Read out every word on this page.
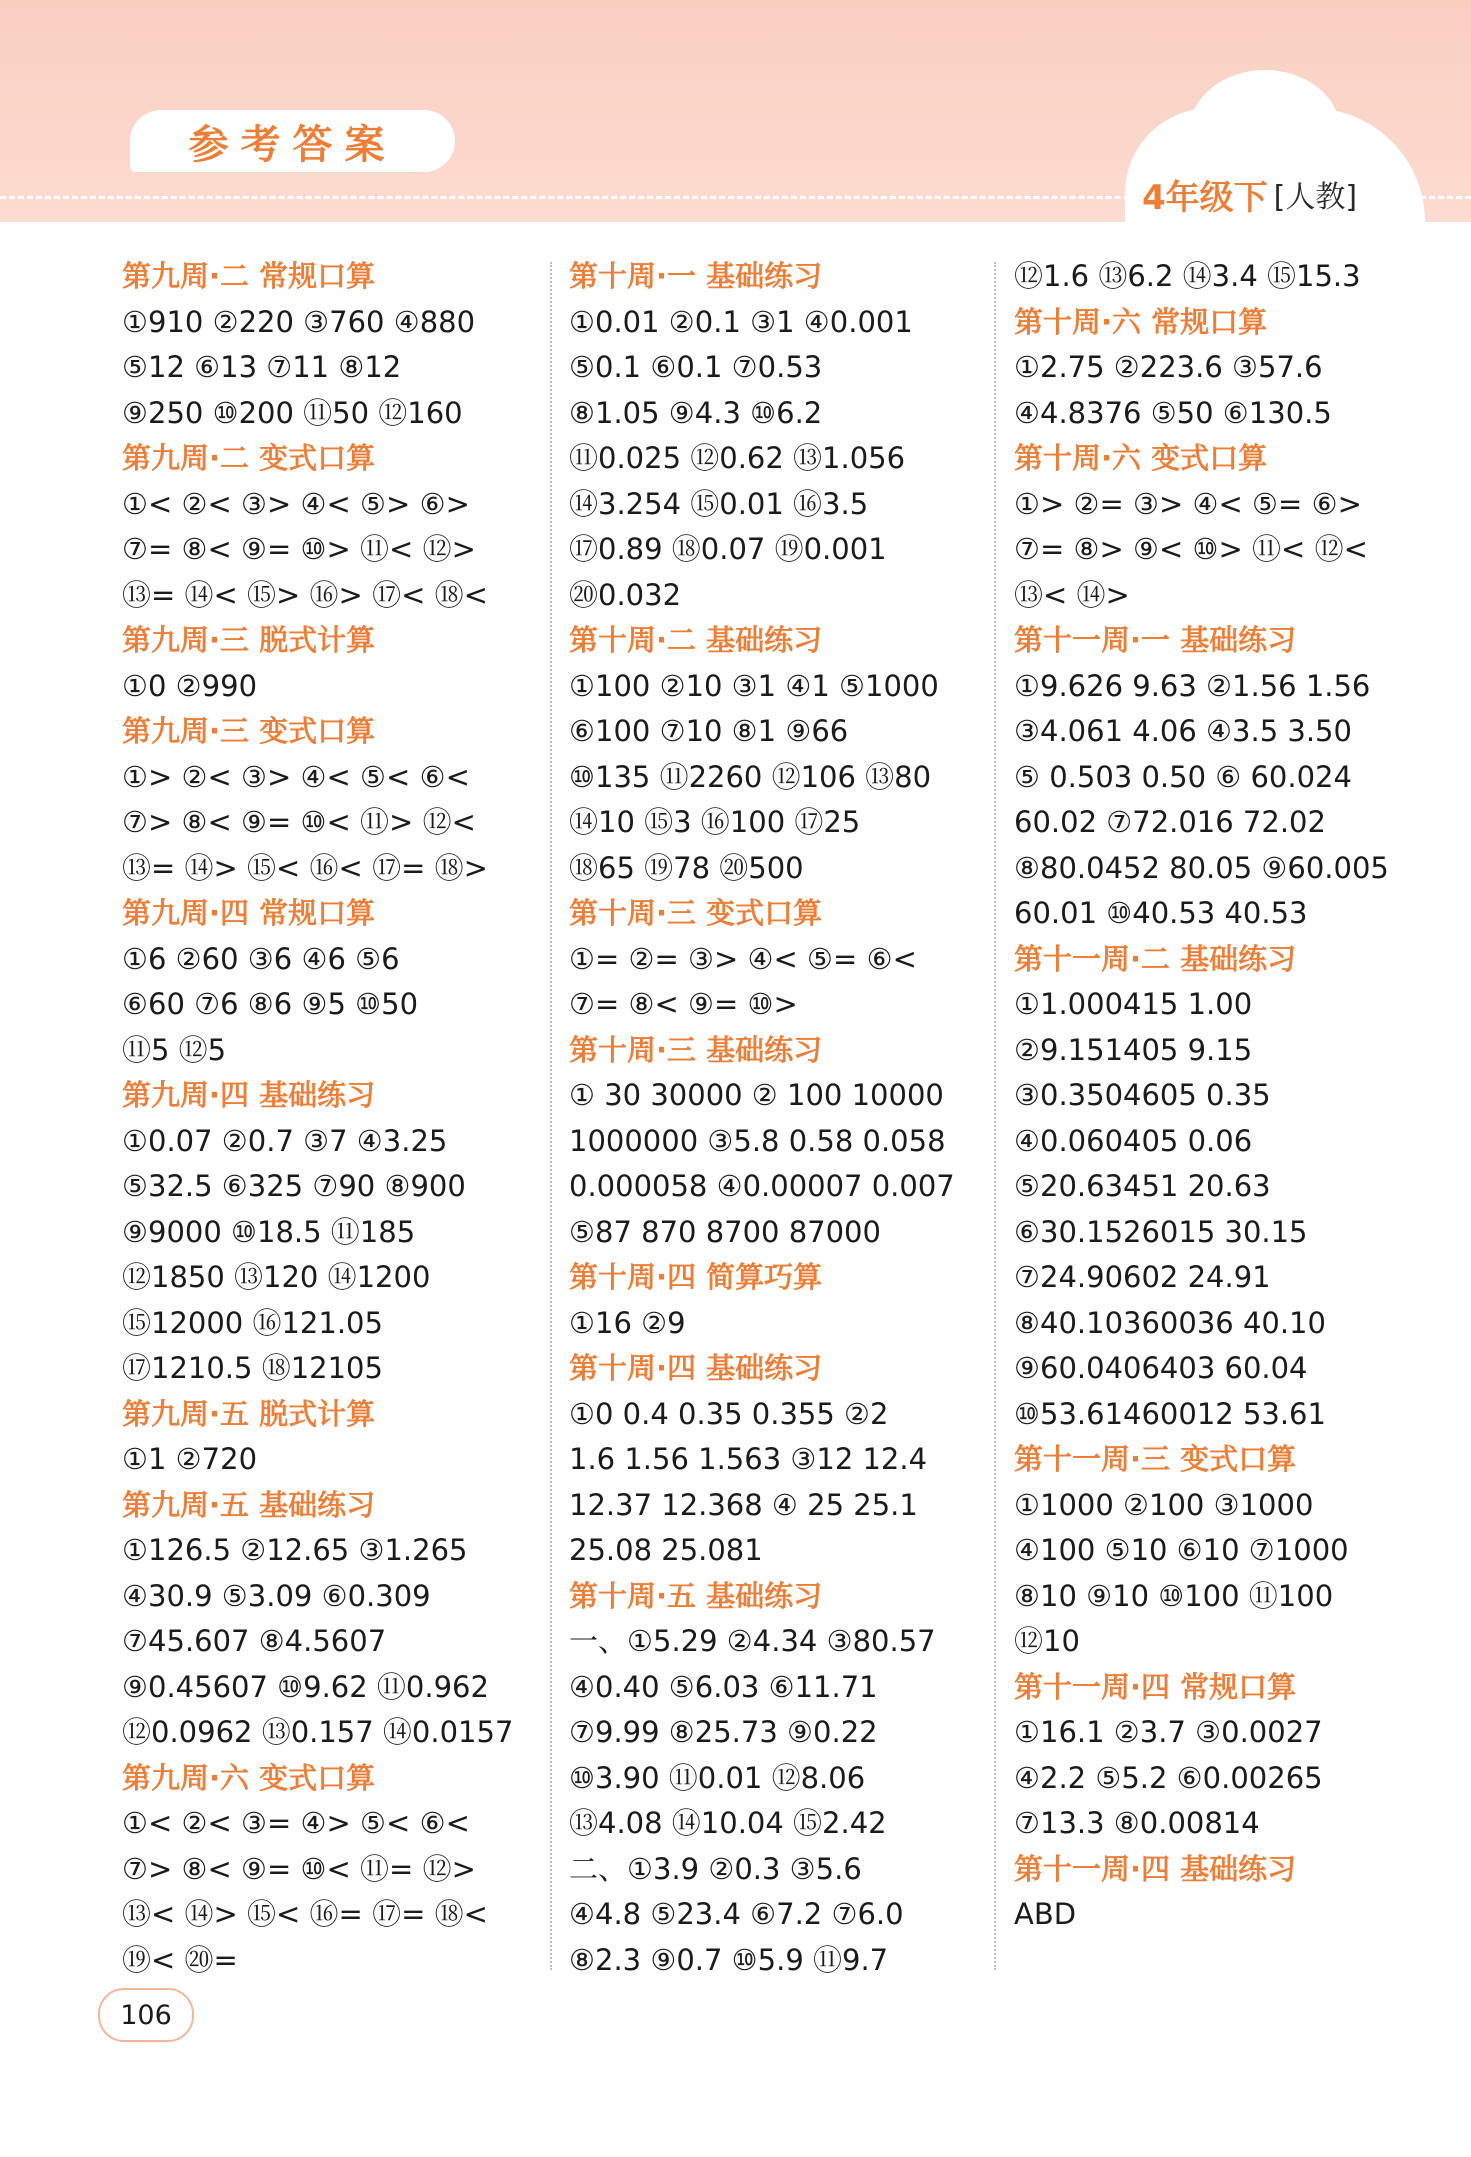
参考答案
4年级下 [人教]
第九周·二 常规口算
①910 ②220 ③760 ④880
⑤12 ⑥13 ⑦11 ⑧12
⑨250 ⑩200 ⑪50 ⑫160
第九周·二 变式口算
①< ②< ③> ④< ⑤> ⑥>
⑦= ⑧< ⑨= ⑩> ⑪< ⑫>
⑬= ⑭< ⑮> ⑯> ⑰< ⑱<
第九周·三 脱式计算
①0 ②990
第九周·三 变式口算
①> ②< ③> ④< ⑤< ⑥<
⑦> ⑧< ⑨= ⑩< ⑪> ⑫<
⑬= ⑭> ⑮< ⑯< ⑰= ⑱>
第九周·四 常规口算
①6 ②60 ③6 ④6 ⑤6
⑥60 ⑦6 ⑧6 ⑨5 ⑩50
⑪5 ⑫5
第九周·四 基础练习
①0.07 ②0.7 ③7 ④3.25
⑤32.5 ⑥325 ⑦90 ⑧900
⑨9000 ⑩18.5 ⑪185
⑫1850 ⑬120 ⑭1200
⑮12000 ⑯121.05
⑰1210.5 ⑱12105
第九周·五 脱式计算
①1 ②720
第九周·五 基础练习
①126.5 ②12.65 ③1.265
④30.9 ⑤3.09 ⑥0.309
⑦45.607 ⑧4.5607
⑨0.45607 ⑩9.62 ⑪0.962
⑫0.0962 ⑬0.157 ⑭0.0157
第九周·六 变式口算
①< ②< ③= ④> ⑤< ⑥<
⑦> ⑧< ⑨= ⑩< ⑪= ⑫>
⑬< ⑭> ⑮< ⑯= ⑰= ⑱<
⑲< ⑳=
第十周·一 基础练习
①0.01 ②0.1 ③1 ④0.001
⑤0.1 ⑥0.1 ⑦0.53
⑧1.05 ⑨4.3 ⑩6.2
⑪0.025 ⑫0.62 ⑬1.056
⑭3.254 ⑮0.01 ⑯3.5
⑰0.89 ⑱0.07 ⑲0.001
⑳0.032
第十周·二 基础练习
①100 ②10 ③1 ④1 ⑤1000
⑥100 ⑦10 ⑧1 ⑨66
⑩135 ⑪2260 ⑫106 ⑬80
⑭10 ⑮3 ⑯100 ⑰25
⑱65 ⑲78 ⑳500
第十周·三 变式口算
①= ②= ③> ④< ⑤= ⑥<
⑦= ⑧< ⑨= ⑩>
第十周·三 基础练习
① 30 30000 ② 100 10000
1000000 ③5.8 0.58 0.058
0.000058 ④0.00007 0.007
⑤87 870 8700 87000
第十周·四 简算巧算
①16 ②9
第十周·四 基础练习
①0 0.4 0.35 0.355 ②2
1.6 1.56 1.563 ③12 12.4
12.37 12.368 ④ 25 25.1
25.08 25.081
第十周·五 基础练习
一、①5.29 ②4.34 ③80.57
④0.40 ⑤6.03 ⑥11.71
⑦9.99 ⑧25.73 ⑨0.22
⑩3.90 ⑪0.01 ⑫8.06
⑬4.08 ⑭10.04 ⑮2.42
二、①3.9 ②0.3 ③5.6
④4.8 ⑤23.4 ⑥7.2 ⑦6.0
⑧2.3 ⑨0.7 ⑩5.9 ⑪9.7
⑫1.6 ⑬6.2 ⑭3.4 ⑮15.3
第十周·六 常规口算
①2.75 ②223.6 ③57.6
④4.8376 ⑤50 ⑥130.5
第十周·六 变式口算
①> ②= ③> ④< ⑤= ⑥>
⑦= ⑧> ⑨< ⑩> ⑪< ⑫<
⑬< ⑭>
第十一周·一 基础练习
①9.626 9.63 ②1.56 1.56
③4.061 4.06 ④3.5 3.50
⑤ 0.503 0.50 ⑥ 60.024
60.02 ⑦72.016 72.02
⑧80.0452 80.05 ⑨60.005
60.01 ⑩40.53 40.53
第十一周·二 基础练习
①1.000415 1.00
②9.151405 9.15
③0.3504605 0.35
④0.060405 0.06
⑤20.63451 20.63
⑥30.1526015 30.15
⑦24.90602 24.91
⑧40.10360036 40.10
⑨60.0406403 60.04
⑩53.61460012 53.61
第十一周·三 变式口算
①1000 ②100 ③1000
④100 ⑤10 ⑥10 ⑦1000
⑧10 ⑨10 ⑩100 ⑪100
⑫10
第十一周·四 常规口算
①16.1 ②3.7 ③0.0027
④2.2 ⑤5.2 ⑥0.00265
⑦13.3 ⑧0.00814
第十一周·四 基础练习
ABD
106
